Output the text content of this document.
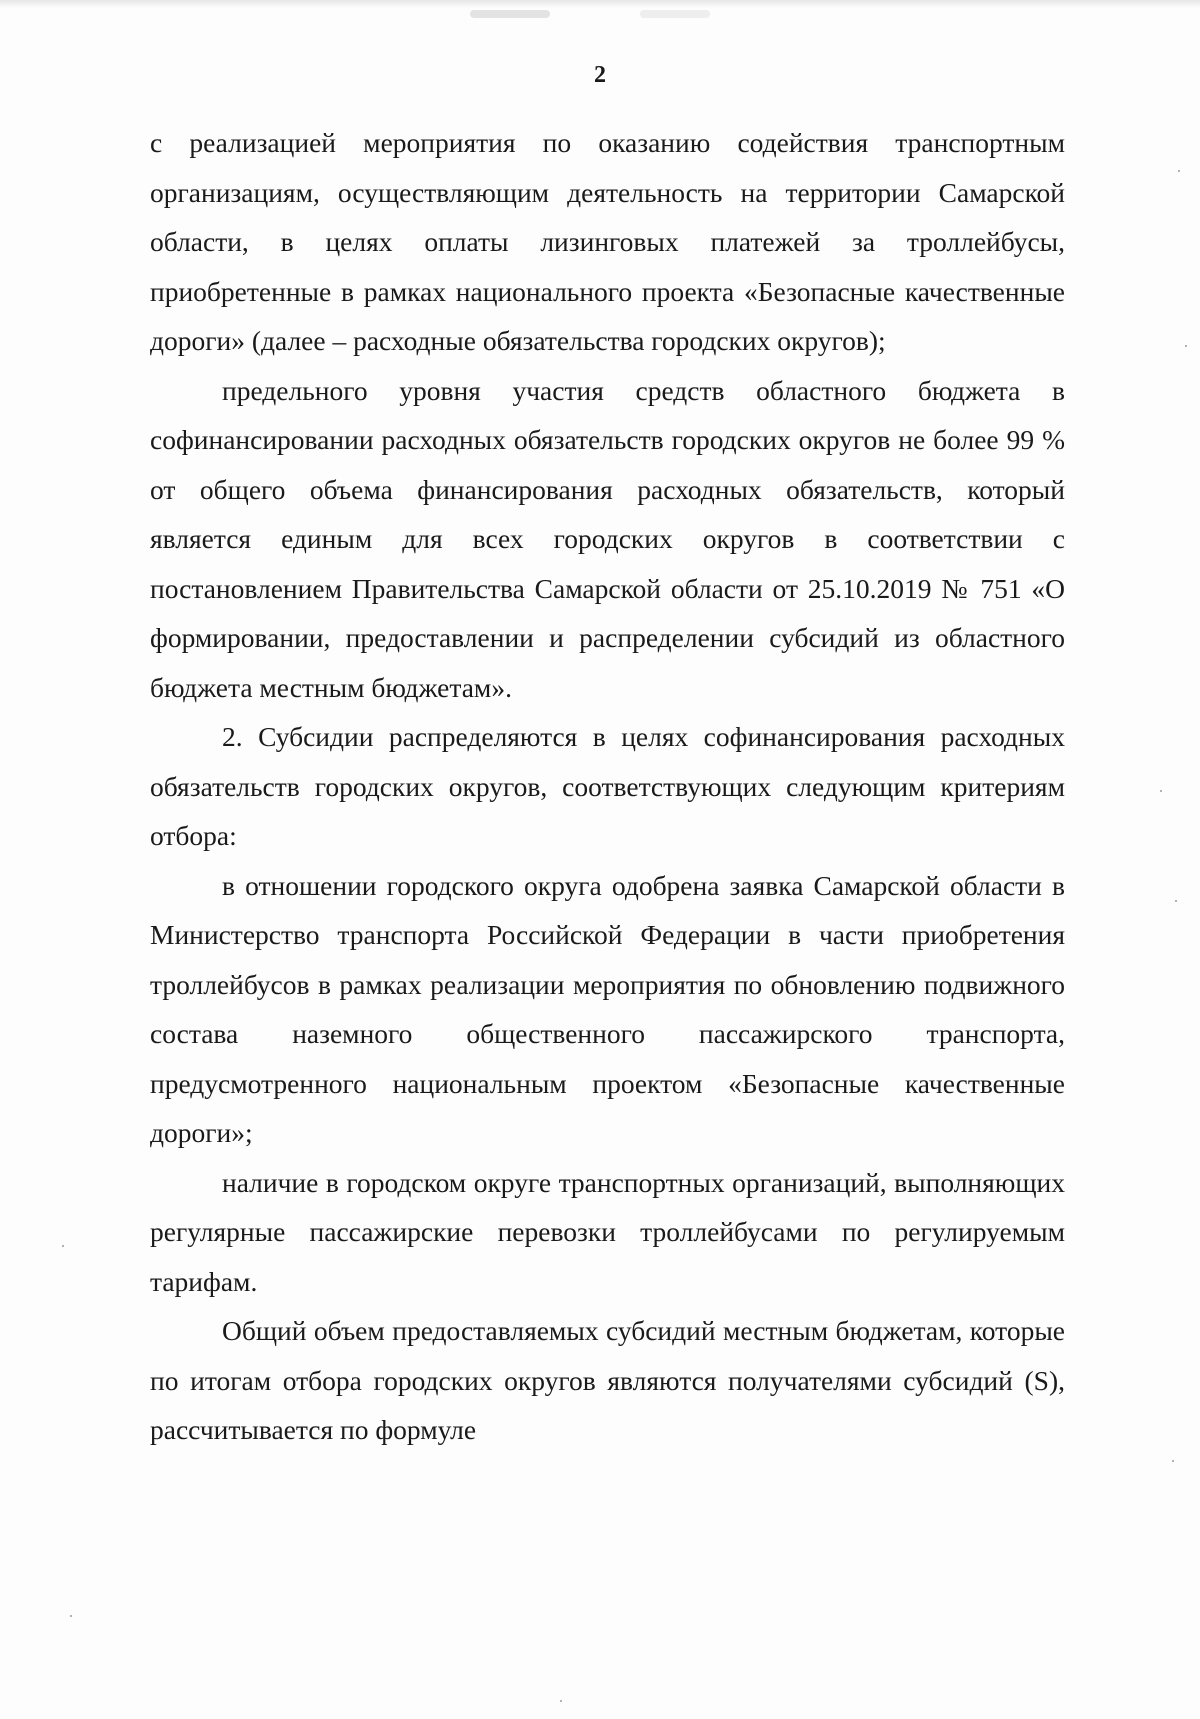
2

с реализацией мероприятия по оказанию содействия транспортным организациям, осуществляющим деятельность на территории Самарской области, в целях оплаты лизинговых платежей за троллейбусы, приобретенные в рамках национального проекта «Безопасные качественные дороги» (далее – расходные обязательства городских округов);

предельного уровня участия средств областного бюджета в софинансировании расходных обязательств городских округов не более 99 % от общего объема финансирования расходных обязательств, который является единым для всех городских округов в соответствии с постановлением Правительства Самарской области от 25.10.2019 № 751 «О формировании, предоставлении и распределении субсидий из областного бюджета местным бюджетам».

2. Субсидии распределяются в целях софинансирования расходных обязательств городских округов, соответствующих следующим критериям отбора:

в отношении городского округа одобрена заявка Самарской области в Министерство транспорта Российской Федерации в части приобретения троллейбусов в рамках реализации мероприятия по обновлению подвижного состава наземного общественного пассажирского транспорта, предусмотренного национальным проектом «Безопасные качественные дороги»;

наличие в городском округе транспортных организаций, выполняющих регулярные пассажирские перевозки троллейбусами по регулируемым тарифам.

Общий объем предоставляемых субсидий местным бюджетам, которые по итогам отбора городских округов являются получателями субсидий (S), рассчитывается по формуле
